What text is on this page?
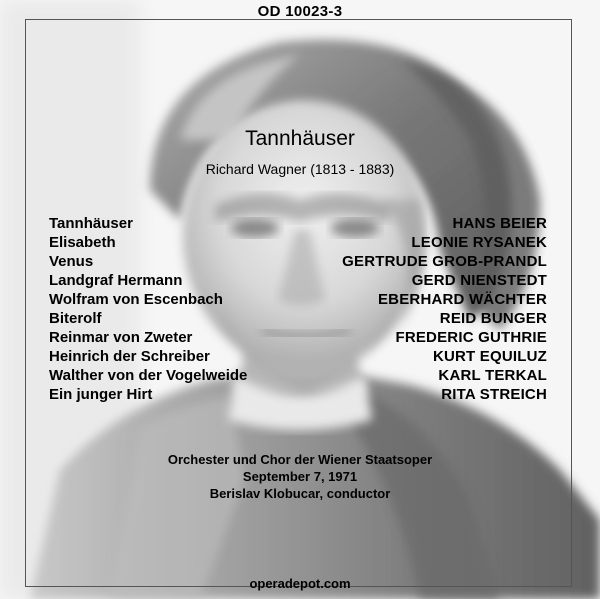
OD 10023-3
Tannhäuser
Richard Wagner (1813 - 1883)
Tannhäuser
Elisabeth
Venus
Landgraf Hermann
Wolfram von Escenbach
Biterolf
Reinmar von Zweter
Heinrich der Schreiber
Walther von der Vogelweide
Ein junger Hirt
HANS BEIER
LEONIE RYSANEK
GERTRUDE GROB-PRANDL
GERD NIENSTEDT
EBERHARD WÄCHTER
REID BUNGER
FREDERIC GUTHRIE
KURT EQUILUZ
KARL TERKAL
RITA STREICH
Orchester und Chor der Wiener Staatsoper
September 7, 1971
Berislav Klobucar, conductor
operadepot.com
